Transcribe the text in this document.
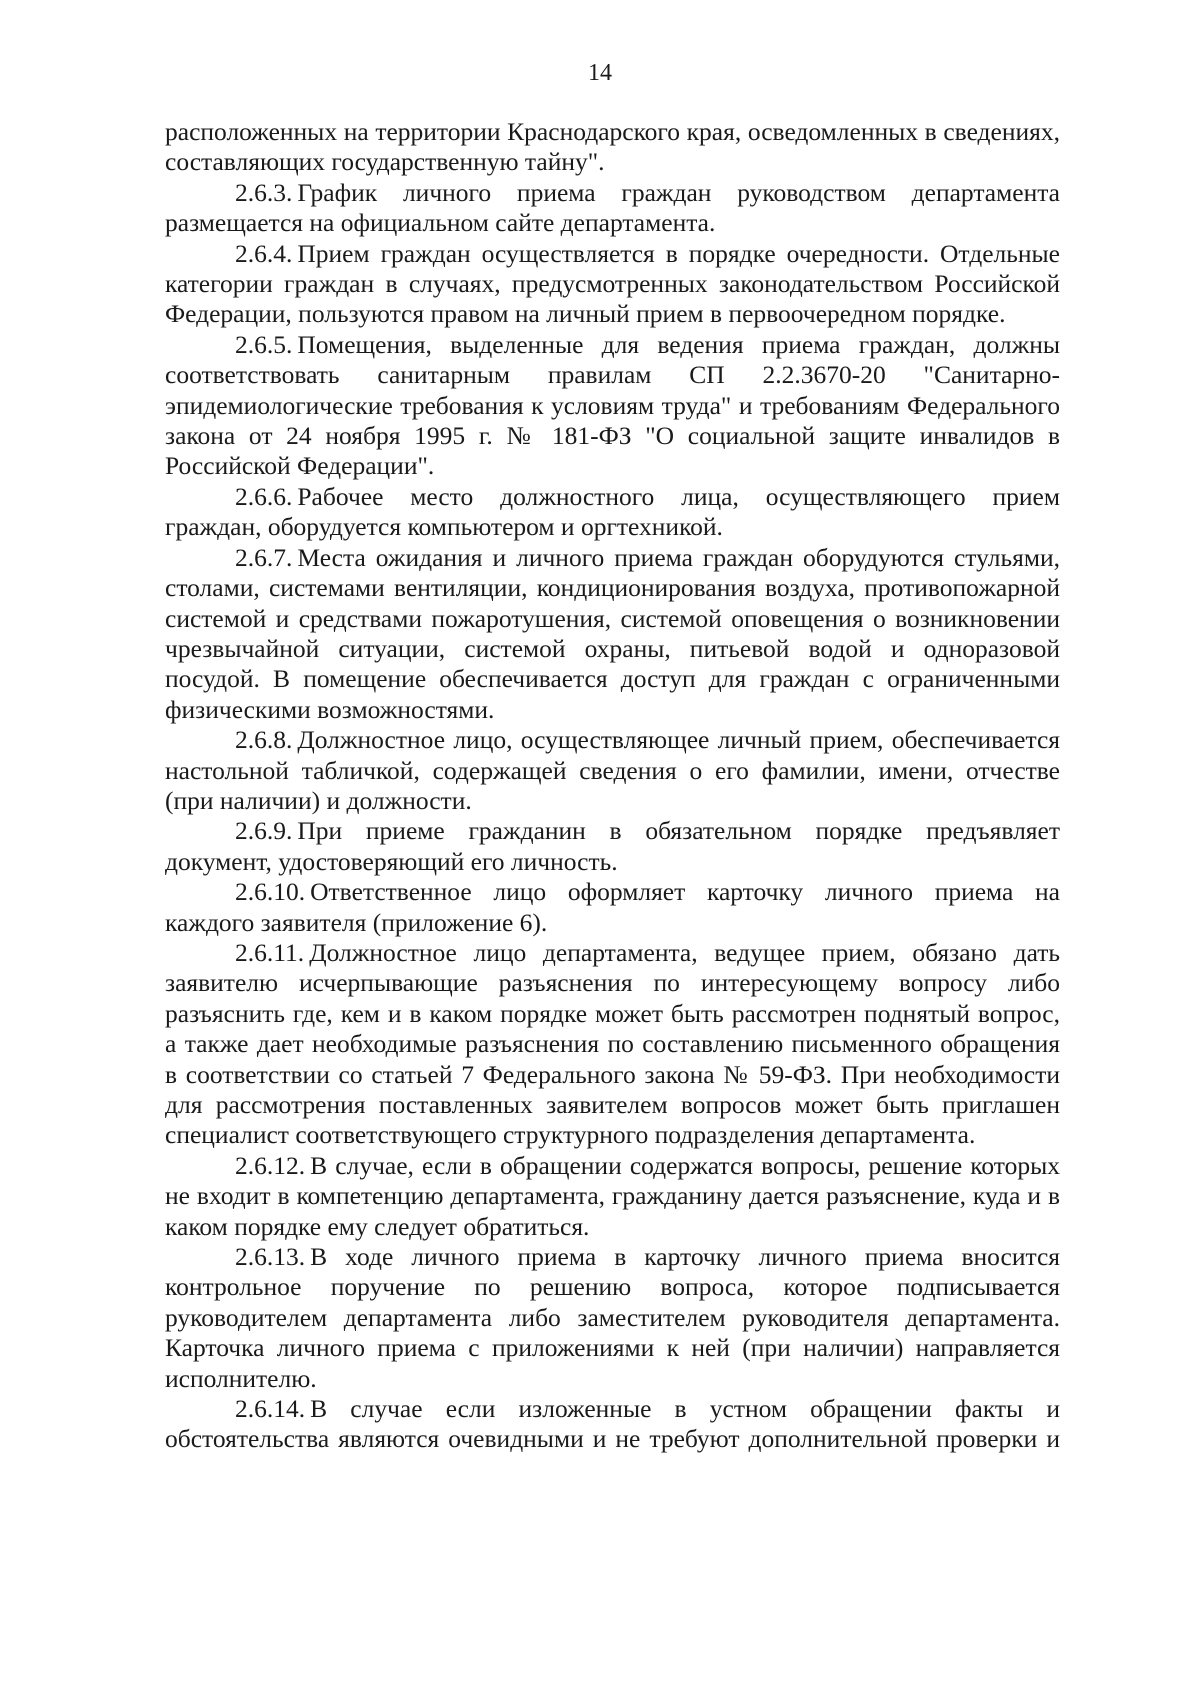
14

расположенных на территории Краснодарского края, осведомленных в сведениях, составляющих государственную тайну".

2.6.3. График личного приема граждан руководством департамента размещается на официальном сайте департамента.

2.6.4. Прием граждан осуществляется в порядке очередности. Отдельные категории граждан в случаях, предусмотренных законодательством Российской Федерации, пользуются правом на личный прием в первоочередном порядке.

2.6.5. Помещения, выделенные для ведения приема граждан, должны соответствовать санитарным правилам СП 2.2.3670-20 "Санитарно-эпидемиологические требования к условиям труда" и требованиям Федерального закона от 24 ноября 1995 г. № 181-ФЗ "О социальной защите инвалидов в Российской Федерации".

2.6.6. Рабочее место должностного лица, осуществляющего прием граждан, оборудуется компьютером и оргтехникой.

2.6.7. Места ожидания и личного приема граждан оборудуются стульями, столами, системами вентиляции, кондиционирования воздуха, противопожарной системой и средствами пожаротушения, системой оповещения о возникновении чрезвычайной ситуации, системой охраны, питьевой водой и одноразовой посудой. В помещение обеспечивается доступ для граждан с ограниченными физическими возможностями.

2.6.8. Должностное лицо, осуществляющее личный прием, обеспечивается настольной табличкой, содержащей сведения о его фамилии, имени, отчестве (при наличии) и должности.

2.6.9. При приеме гражданин в обязательном порядке предъявляет документ, удостоверяющий его личность.

2.6.10. Ответственное лицо оформляет карточку личного приема на каждого заявителя (приложение 6).

2.6.11. Должностное лицо департамента, ведущее прием, обязано дать заявителю исчерпывающие разъяснения по интересующему вопросу либо разъяснить где, кем и в каком порядке может быть рассмотрен поднятый вопрос, а также дает необходимые разъяснения по составлению письменного обращения в соответствии со статьей 7 Федерального закона № 59-ФЗ. При необходимости для рассмотрения поставленных заявителем вопросов может быть приглашен специалист соответствующего структурного подразделения департамента.

2.6.12. В случае, если в обращении содержатся вопросы, решение которых не входит в компетенцию департамента, гражданину дается разъяснение, куда и в каком порядке ему следует обратиться.

2.6.13. В ходе личного приема в карточку личного приема вносится контрольное поручение по решению вопроса, которое подписывается руководителем департамента либо заместителем руководителя департамента. Карточка личного приема с приложениями к ней (при наличии) направляется исполнителю.

2.6.14. В случае если изложенные в устном обращении факты и обстоятельства являются очевидными и не требуют дополнительной проверки и
